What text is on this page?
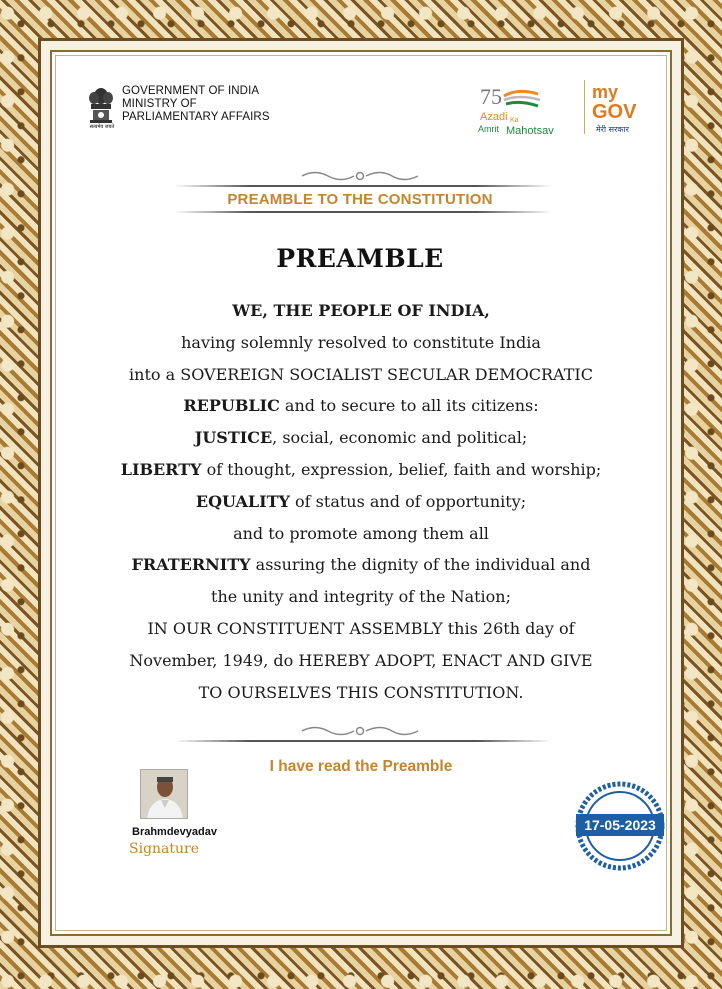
सत्यमेव जयते
GOVERNMENT OF INDIA
MINISTRY OF
PARLIAMENTARY AFFAIRS
75
Azadi Ka
Amrit Mahotsav
my
GOV
मेरी सरकार
PREAMBLE TO THE CONSTITUTION
PREAMBLE
WE, THE PEOPLE OF INDIA,
having solemnly resolved to constitute India
into a SOVEREIGN SOCIALIST SECULAR DEMOCRATIC
REPUBLIC and to secure to all its citizens:
JUSTICE, social, economic and political;
LIBERTY of thought, expression, belief, faith and worship;
EQUALITY of status and of opportunity;
and to promote among them all
FRATERNITY assuring the dignity of the individual and
the unity and integrity of the Nation;
IN OUR CONSTITUENT ASSEMBLY this 26th day of
November, 1949, do HEREBY ADOPT, ENACT AND GIVE
TO OURSELVES THIS CONSTITUTION.
I have read the Preamble
Brahmdevyadav
Signature
17-05-2023
